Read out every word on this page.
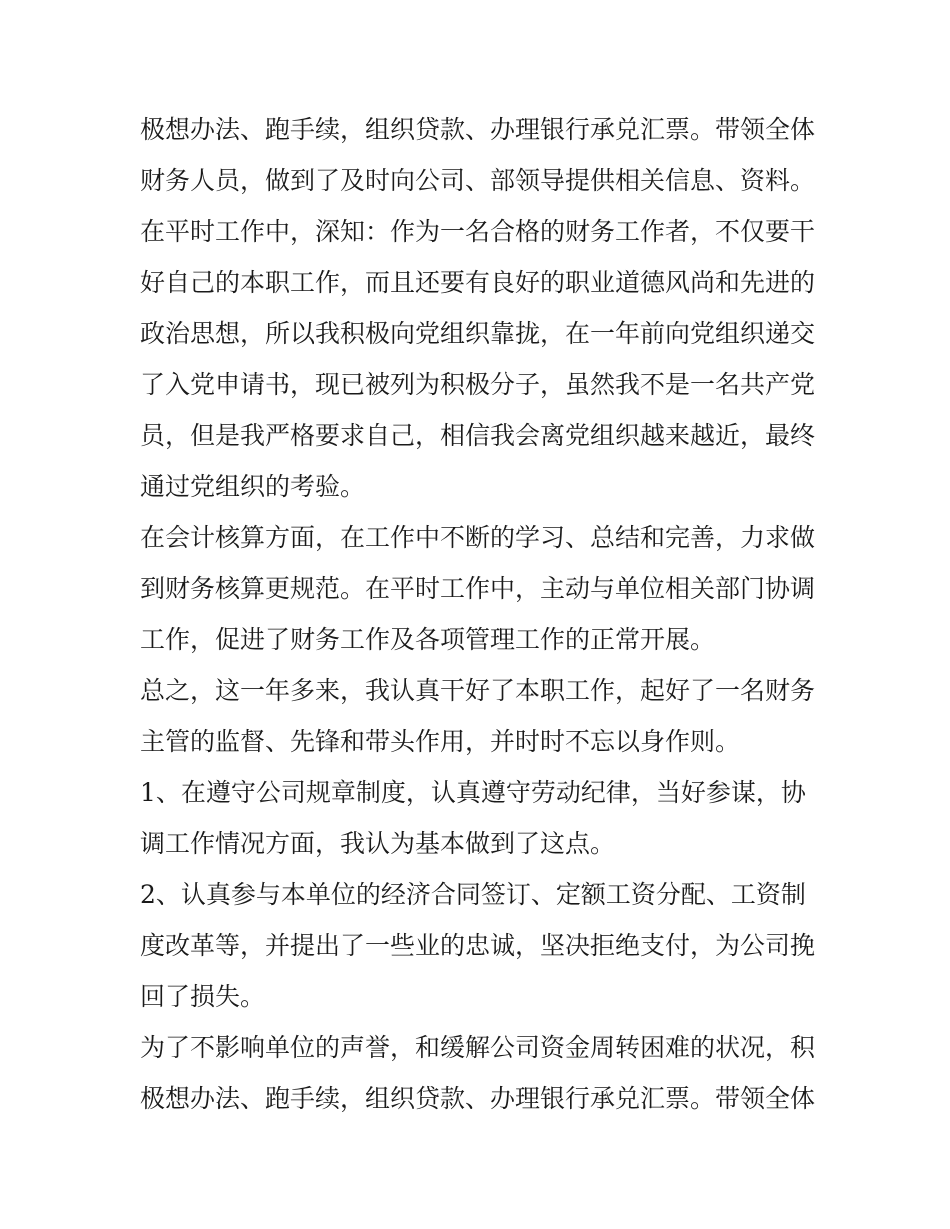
极想办法、跑手续，组织贷款、办理银行承兑汇票。带领全体
财务人员，做到了及时向公司、部领导提供相关信息、资料。
在平时工作中，深知：作为一名合格的财务工作者，不仅要干
好自己的本职工作，而且还要有良好的职业道德风尚和先进的
政治思想，所以我积极向党组织靠拢，在一年前向党组织递交
了入党申请书，现已被列为积极分子，虽然我不是一名共产党
员，但是我严格要求自己，相信我会离党组织越来越近，最终
通过党组织的考验。
在会计核算方面，在工作中不断的学习、总结和完善，力求做
到财务核算更规范。在平时工作中，主动与单位相关部门协调
工作，促进了财务工作及各项管理工作的正常开展。
总之，这一年多来，我认真干好了本职工作，起好了一名财务
主管的监督、先锋和带头作用，并时时不忘以身作则。
1、在遵守公司规章制度，认真遵守劳动纪律，当好参谋，协
调工作情况方面，我认为基本做到了这点。
2、认真参与本单位的经济合同签订、定额工资分配、工资制
度改革等，并提出了一些业的忠诚，坚决拒绝支付，为公司挽
回了损失。
为了不影响单位的声誉，和缓解公司资金周转困难的状况，积
极想办法、跑手续，组织贷款、办理银行承兑汇票。带领全体
